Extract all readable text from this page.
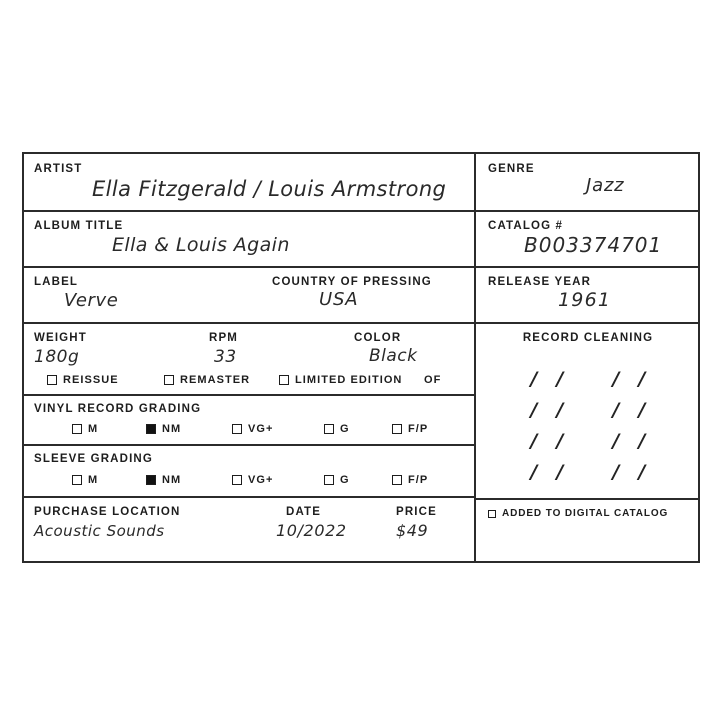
ARTIST
Ella Fitzgerald / Louis Armstrong
ALBUM TITLE
Ella & Louis Again
LABEL
Verve
COUNTRY OF PRESSING
USA
WEIGHT
180g
RPM
33
COLOR
Black
REISSUE	REMASTER	LIMITED EDITION OF
VINYL RECORD GRADING
M	NM	VG+	G	F/P
SLEEVE GRADING
M	NM	VG+	G	F/P
PURCHASE LOCATION
Acoustic Sounds
DATE
10/2022
PRICE
$49
GENRE
Jazz
CATALOG #
B003374701
RELEASE YEAR
1961
RECORD CLEANING
/	/	/	/
/	/	/	/
/	/	/	/
/	/	/	/
ADDED TO DIGITAL CATALOG
